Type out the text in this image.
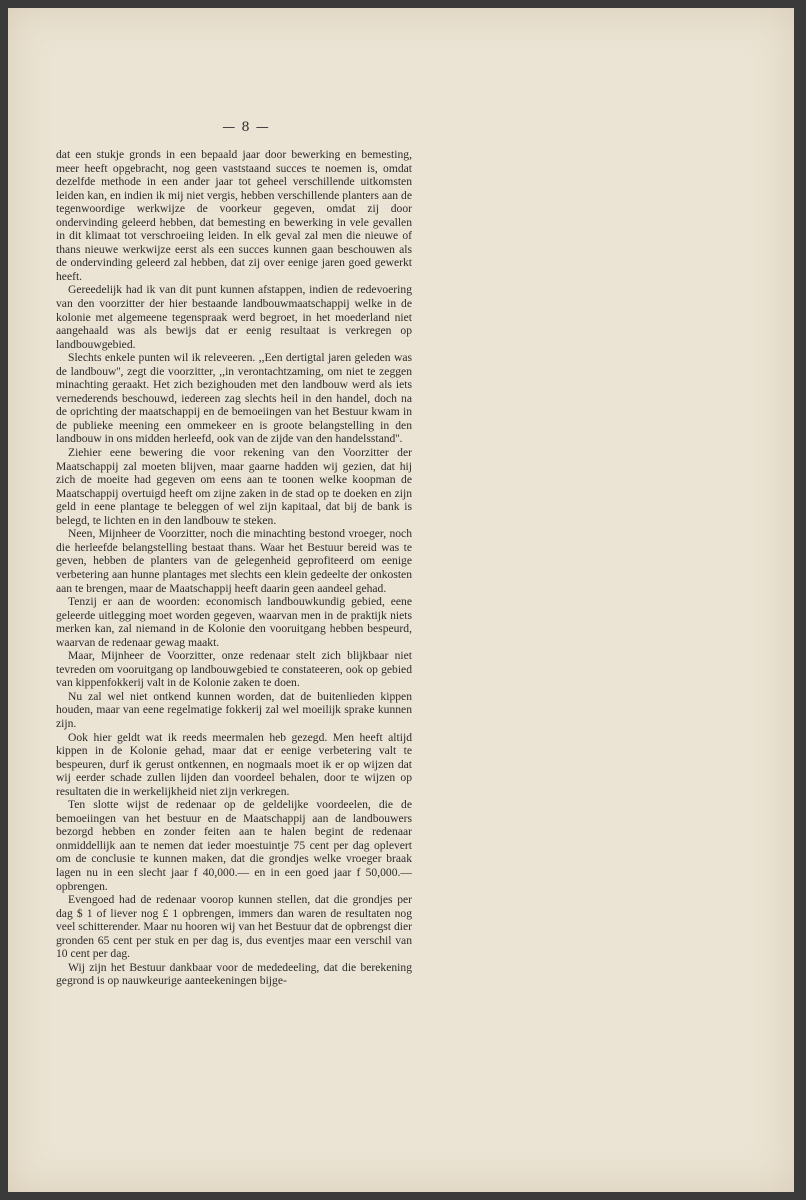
— 8 —

dat een stukje gronds in een bepaald jaar door bewerking en bemesting, meer heeft opgebracht, nog geen vaststaand succes te noemen is, omdat dezelfde methode in een ander jaar tot geheel verschillende uitkomsten leiden kan, en indien ik mij niet vergis, hebben verschillende planters aan de tegenwoordige werkwijze de voorkeur gegeven, omdat zij door ondervinding geleerd hebben, dat bemesting en bewerking in vele gevallen in dit klimaat tot verschroeiing leiden. In elk geval zal men die nieuwe of thans nieuwe werkwijze eerst als een succes kunnen gaan beschouwen als de ondervinding geleerd zal hebben, dat zij over eenige jaren goed gewerkt heeft.

Gereedelijk had ik van dit punt kunnen afstappen, indien de redevoering van den voorzitter der hier bestaande landbouwmaatschappij welke in de kolonie met algemeene tegenspraak werd begroet, in het moederland niet aangehaald was als bewijs dat er eenig resultaat is verkregen op landbouwgebied.

Slechts enkele punten wil ik releveeren. ,,Een dertigtal jaren geleden was de landbouw'', zegt die voorzitter, ,,in verontachtzaming, om niet te zeggen minachting geraakt. Het zich bezighouden met den landbouw werd als iets vernederends beschouwd, iedereen zag slechts heil in den handel, doch na de oprichting der maatschappij en de bemoeiingen van het Bestuur kwam in de publieke meening een ommekeer en is groote belangstelling in den landbouw in ons midden herleefd, ook van de zijde van den handelsstand''.

Ziehier eene bewering die voor rekening van den Voorzitter der Maatschappij zal moeten blijven, maar gaarne hadden wij gezien, dat hij zich de moeite had gegeven om eens aan te toonen welke koopman de Maatschappij overtuigd heeft om zijne zaken in de stad op te doeken en zijn geld in eene plantage te beleggen of wel zijn kapitaal, dat bij de bank is belegd, te lichten en in den landbouw te steken.

Neen, Mijnheer de Voorzitter, noch die minachting bestond vroeger, noch die herleefde belangstelling bestaat thans. Waar het Bestuur bereid was te geven, hebben de planters van de gelegenheid geprofiteerd om eenige verbetering aan hunne plantages met slechts een klein gedeelte der onkosten aan te brengen, maar de Maatschappij heeft daarin geen aandeel gehad.

Tenzij er aan de woorden: economisch landbouwkundig gebied, eene geleerde uitlegging moet worden gegeven, waarvan men in de praktijk niets merken kan, zal niemand in de Kolonie den vooruitgang hebben bespeurd, waarvan de redenaar gewag maakt.

Maar, Mijnheer de Voorzitter, onze redenaar stelt zich blijkbaar niet tevreden om vooruitgang op landbouwgebied te constateeren, ook op gebied van kippenfokkerij valt in de Kolonie zaken te doen.

Nu zal wel niet ontkend kunnen worden, dat de buitenlieden kippen houden, maar van eene regelmatige fokkerij zal wel moeilijk sprake kunnen zijn.

Ook hier geldt wat ik reeds meermalen heb gezegd. Men heeft altijd kippen in de Kolonie gehad, maar dat er eenige verbetering valt te bespeuren, durf ik gerust ontkennen, en nogmaals moet ik er op wijzen dat wij eerder schade zullen lijden dan voordeel behalen, door te wijzen op resultaten die in werkelijkheid niet zijn verkregen.

Ten slotte wijst de redenaar op de geldelijke voordeelen, die de bemoeiingen van het bestuur en de Maatschappij aan de landbouwers bezorgd hebben en zonder feiten aan te halen begint de redenaar onmiddellijk aan te nemen dat ieder moestuintje 75 cent per dag oplevert om de conclusie te kunnen maken, dat die grondjes welke vroeger braak lagen nu in een slecht jaar f 40,000.— en in een goed jaar f 50,000.— opbrengen.

Evengoed had de redenaar voorop kunnen stellen, dat die grondjes per dag $ 1 of liever nog £ 1 opbrengen, immers dan waren de resultaten nog veel schitterender. Maar nu hooren wij van het Bestuur dat de opbrengst dier gronden 65 cent per stuk en per dag is, dus eventjes maar een verschil van 10 cent per dag.

Wij zijn het Bestuur dankbaar voor de mededeeling, dat die berekening gegrond is op nauwkeurige aanteekeningen bijge-
